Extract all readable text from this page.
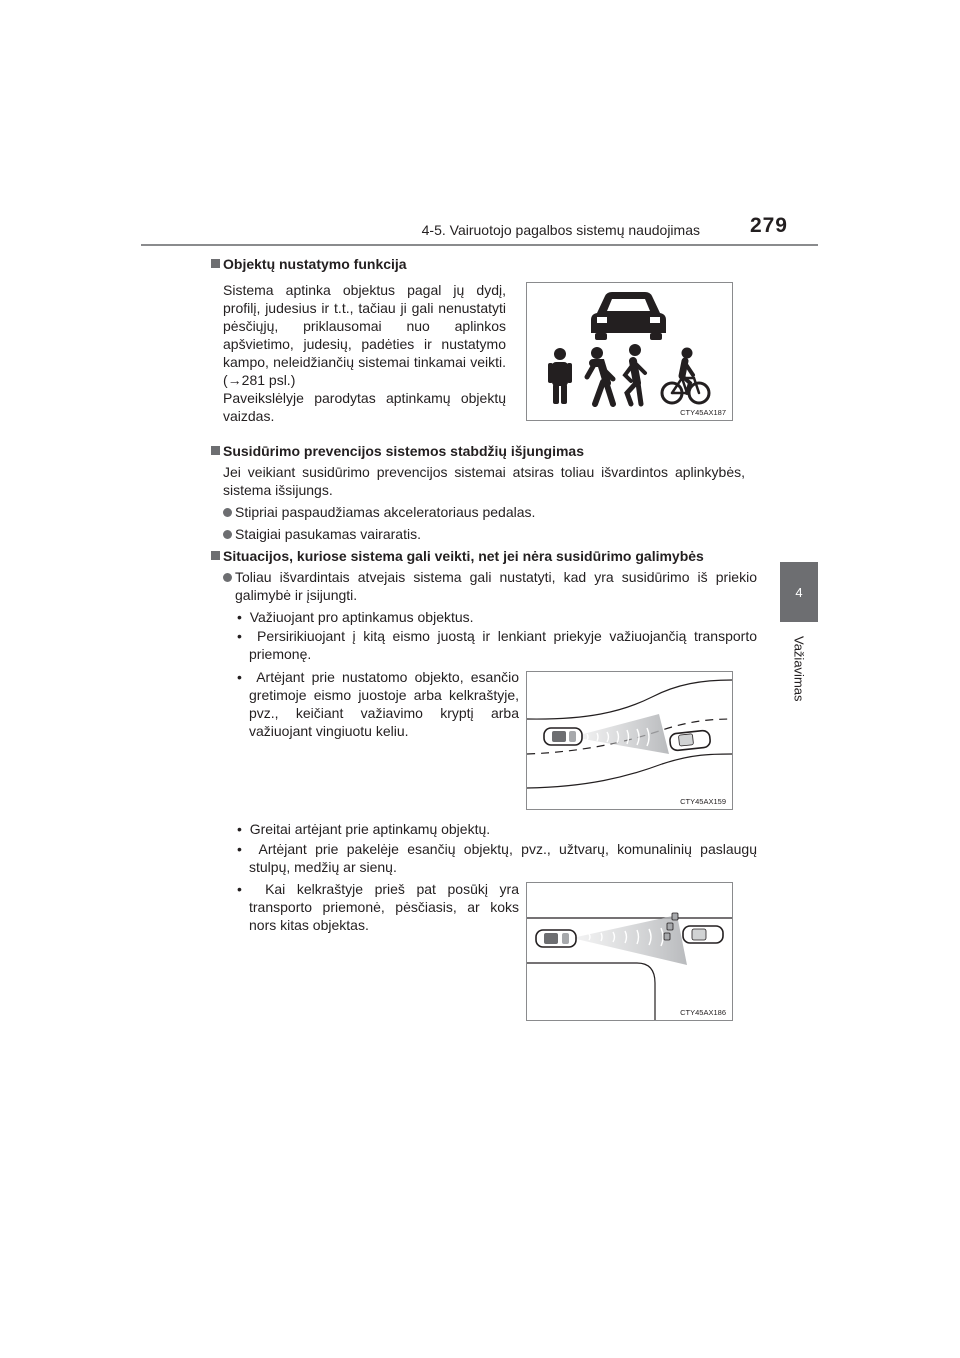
4-5. Vairuotojo pagalbos sistemų naudojimas	279
4
Važiavimas
Objektų nustatymo funkcija
Sistema aptinka objektus pagal jų dydį, profilį, judesius ir t.t., tačiau ji gali nenustatyti pėsčiųjų, priklausomai nuo aplinkos apšvietimo, judesių, padėties ir nustatymo kampo, neleidžiančių sistemai tinkamai veikti. (→281 psl.)
Paveikslėlyje parodytas aptinkamų objektų vaizdas.	CTY45AX187
Susidūrimo prevencijos sistemos stabdžių išjungimas
Jei veikiant susidūrimo prevencijos sistemai atsiras toliau išvardintos aplinkybės, sistema išsijungs.
Stipriai paspaudžiamas akceleratoriaus pedalas.
Staigiai pasukamas vairaratis.
Situacijos, kuriose sistema gali veikti, net jei nėra susidūrimo galimybės
Toliau išvardintais atvejais sistema gali nustatyti, kad yra susidūrimo iš priekio galimybė ir įsijungti.
• Važiuojant pro aptinkamus objektus.
• Persirikiuojant į kitą eismo juostą ir lenkiant priekyje važiuojančią transporto priemonę.
• Artėjant prie nustatomo objekto, esančio gretimoje eismo juostoje arba kelkraštyje, pvz., keičiant važiavimo kryptį arba važiuojant vingiuotu keliu.
CTY45AX159
• Greitai artėjant prie aptinkamų objektų.
• Artėjant prie pakelėje esančių objektų, pvz., užtvarų, komunalinių paslaugų stulpų, medžių ar sienų.
• Kai kelkraštyje prieš pat posūkį yra transporto priemonė, pėsčiasis, ar koks nors kitas objektas.
CTY45AX186
